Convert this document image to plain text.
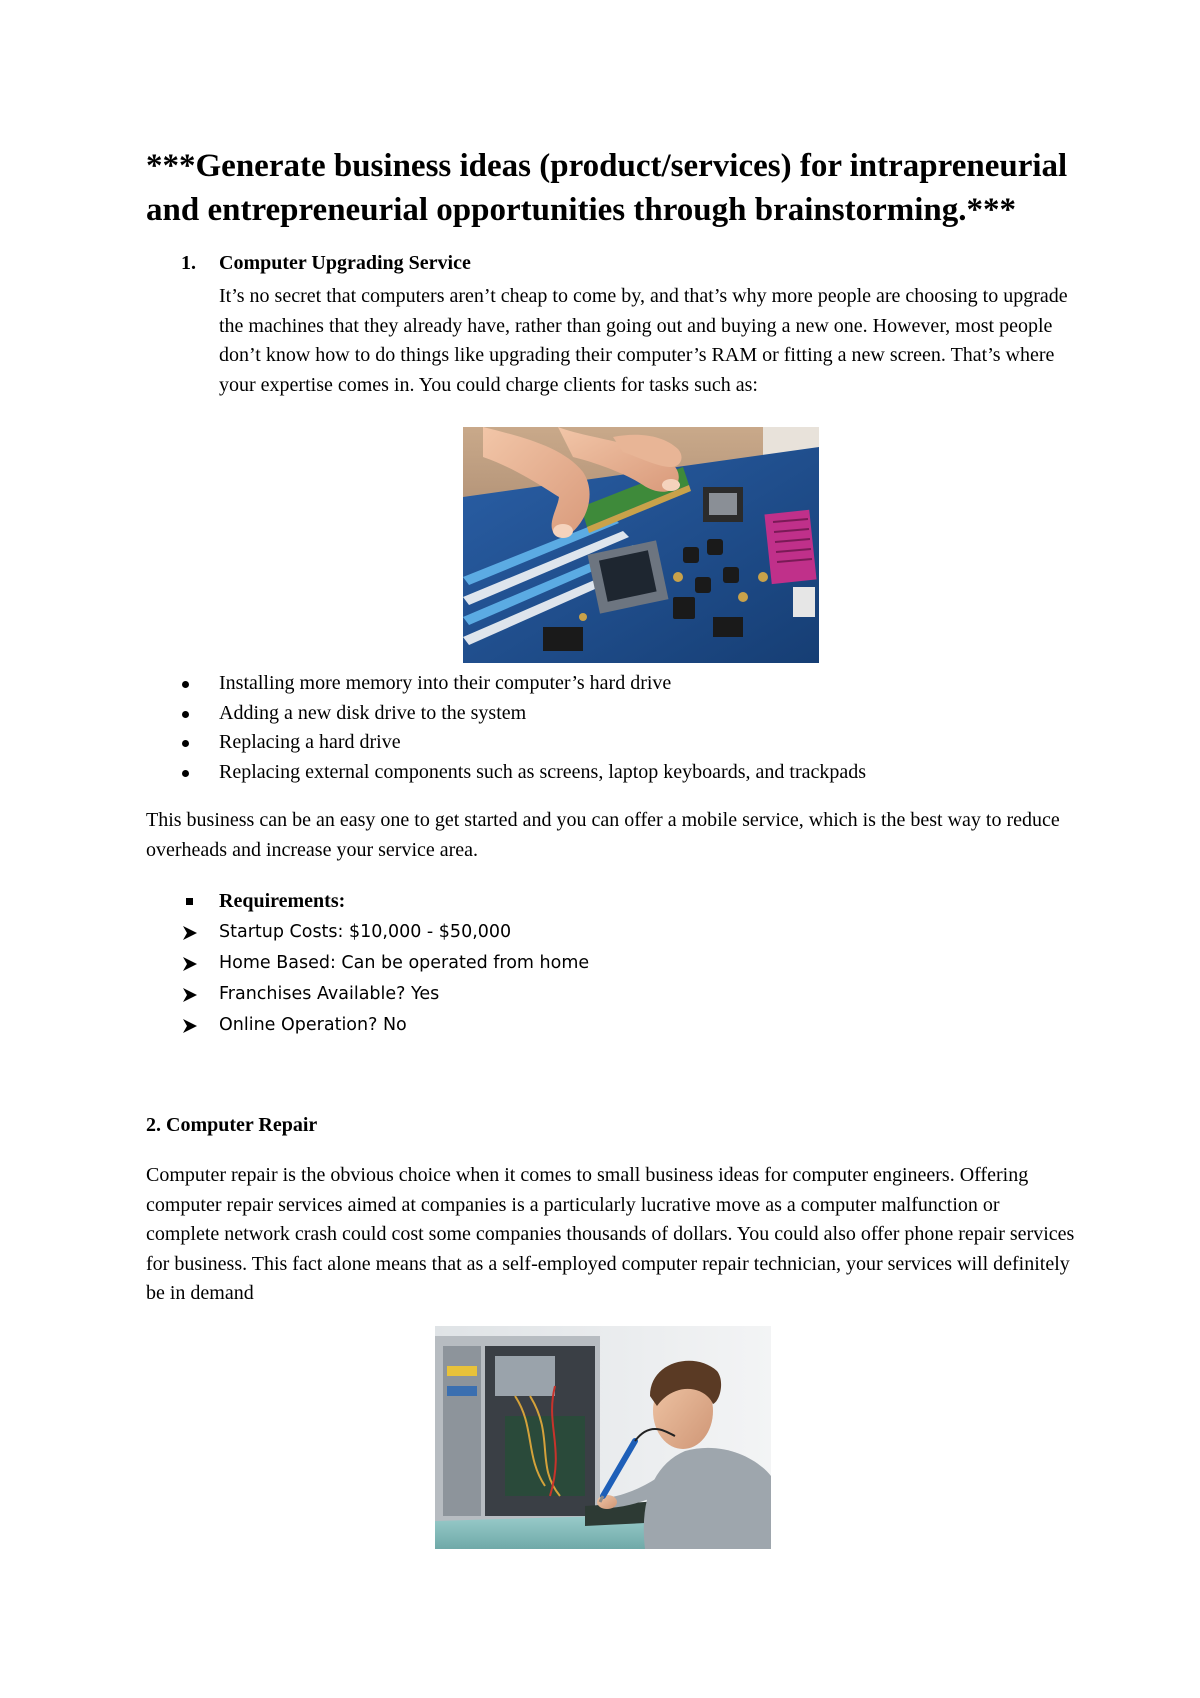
***Generate business ideas (product/services) for intrapreneurial and entrepreneurial opportunities through brainstorming.***
1.	Computer Upgrading Service

It’s no secret that computers aren’t cheap to come by, and that’s why more people are choosing to upgrade the machines that they already have, rather than going out and buying a new one. However, most people don’t know how to do things like upgrading their computer’s RAM or fitting a new screen. That’s where your expertise comes in. You could charge clients for tasks such as:

Installing more memory into their computer’s hard drive
Adding a new disk drive to the system
Replacing a hard drive
Replacing external components such as screens, laptop keyboards, and trackpads

This business can be an easy one to get started and you can offer a mobile service, which is the best way to reduce overheads and increase your service area.

Requirements:
Startup Costs: $10,000 - $50,000
Home Based: Can be operated from home
Franchises Available? Yes
Online Operation? No
2. Computer Repair

Computer repair is the obvious choice when it comes to small business ideas for computer engineers. Offering computer repair services aimed at companies is a particularly lucrative move as a computer malfunction or complete network crash could cost some companies thousands of dollars. You could also offer phone repair services for business. This fact alone means that as a self-employed computer repair technician, your services will definitely be in demand
